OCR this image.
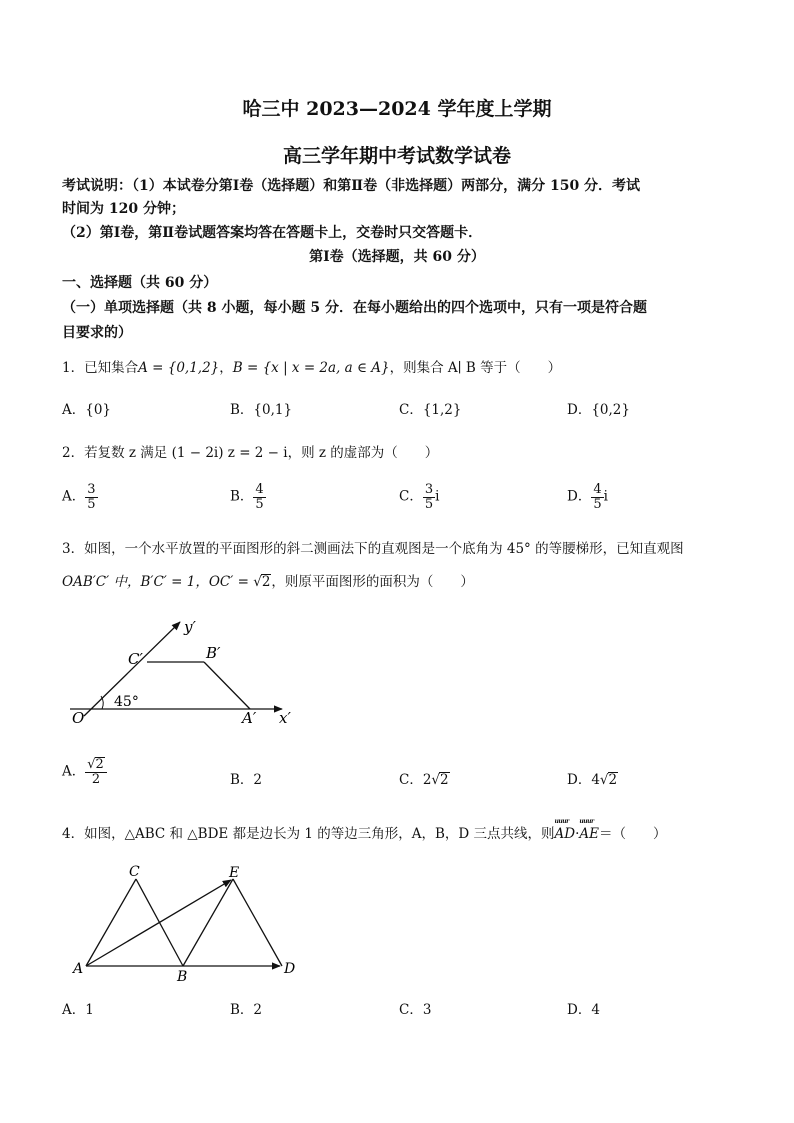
哈三中 2023—2024 学年度上学期
高三学年期中考试数学试卷
考试说明：（1）本试卷分第Ⅰ卷（选择题）和第Ⅱ卷（非选择题）两部分，满分 150 分．考试
时间为 120 分钟；
（2）第Ⅰ卷，第Ⅱ卷试题答案均答在答题卡上，交卷时只交答题卡．
第Ⅰ卷（选择题，共 60 分）
一、选择题（共 60 分）
（一）单项选择题（共 8 小题，每小题 5 分．在每小题给出的四个选项中，只有一项是符合题
目要求的）
1．已知集合A = {0,1,2}，B = {x | x = 2a, a ∈ A}，则集合 A∣ B 等于（　　）
A．{0}	B．{0,1}	C．{1,2}	D．{0,2}
2．若复数 z 满足 (1 − 2i) z = 2 − i，则 z 的虚部为（　　）
A． $\frac{3}{5}$	B． $\frac{4}{5}$	C． $\frac{3}{5}$ i	D． $\frac{4}{5}$ i
3．如图，一个水平放置的平面图形的斜二测画法下的直观图是一个底角为 45° 的等腰梯形，已知直观图
OAB′C′ 中，B′C′ = 1，OC′ = √2，则原平面图形的面积为（　　）
45°
y′
x′
O	A′
B′
C′
A． $\frac{√2}{2}$	B．2	C．2√2	D．4√2
4．如图，△ABC 和 △BDE 都是边长为 1 的等边三角形，A，B，D 三点共线，则uuur AD·uuur AE＝（　　）
A	B
C
D
E
A．1	B．2	C．3	D．4
